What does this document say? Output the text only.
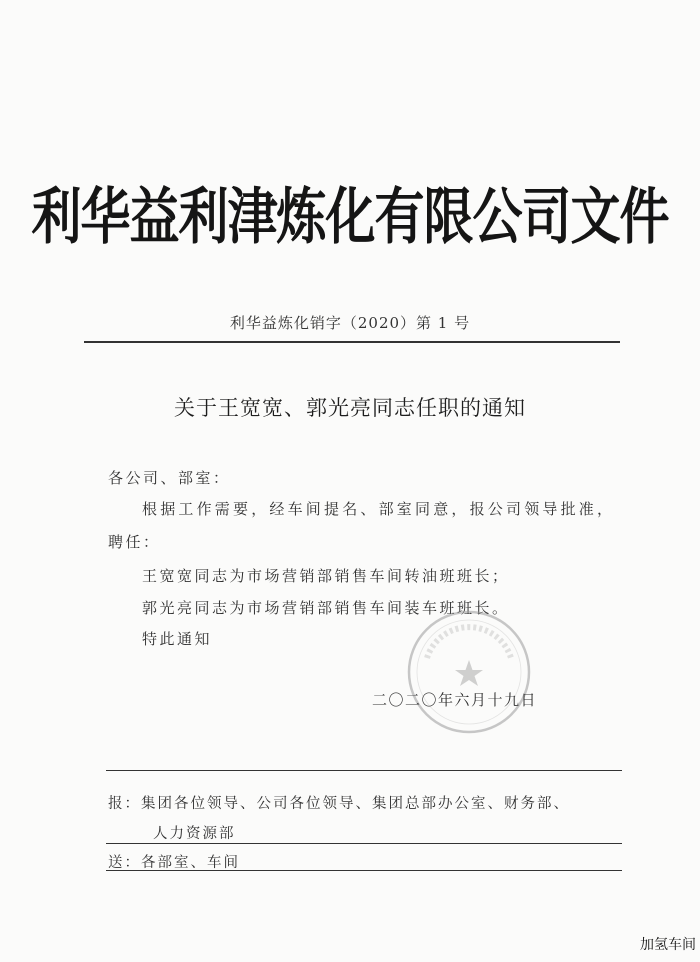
利华益利津炼化有限公司文件
利华益炼化销字（2020）第 1 号
关于王宽宽、郭光亮同志任职的通知
各公司、部室：
根据工作需要，经车间提名、部室同意，报公司领导批准，
聘任：
王宽宽同志为市场营销部销售车间转油班班长；
郭光亮同志为市场营销部销售车间装车班班长。
特此通知
二〇二〇年六月十九日
报：集团各位领导、公司各位领导、集团总部办公室、财务部、
人力资源部
送：各部室、车间
加氢车间
